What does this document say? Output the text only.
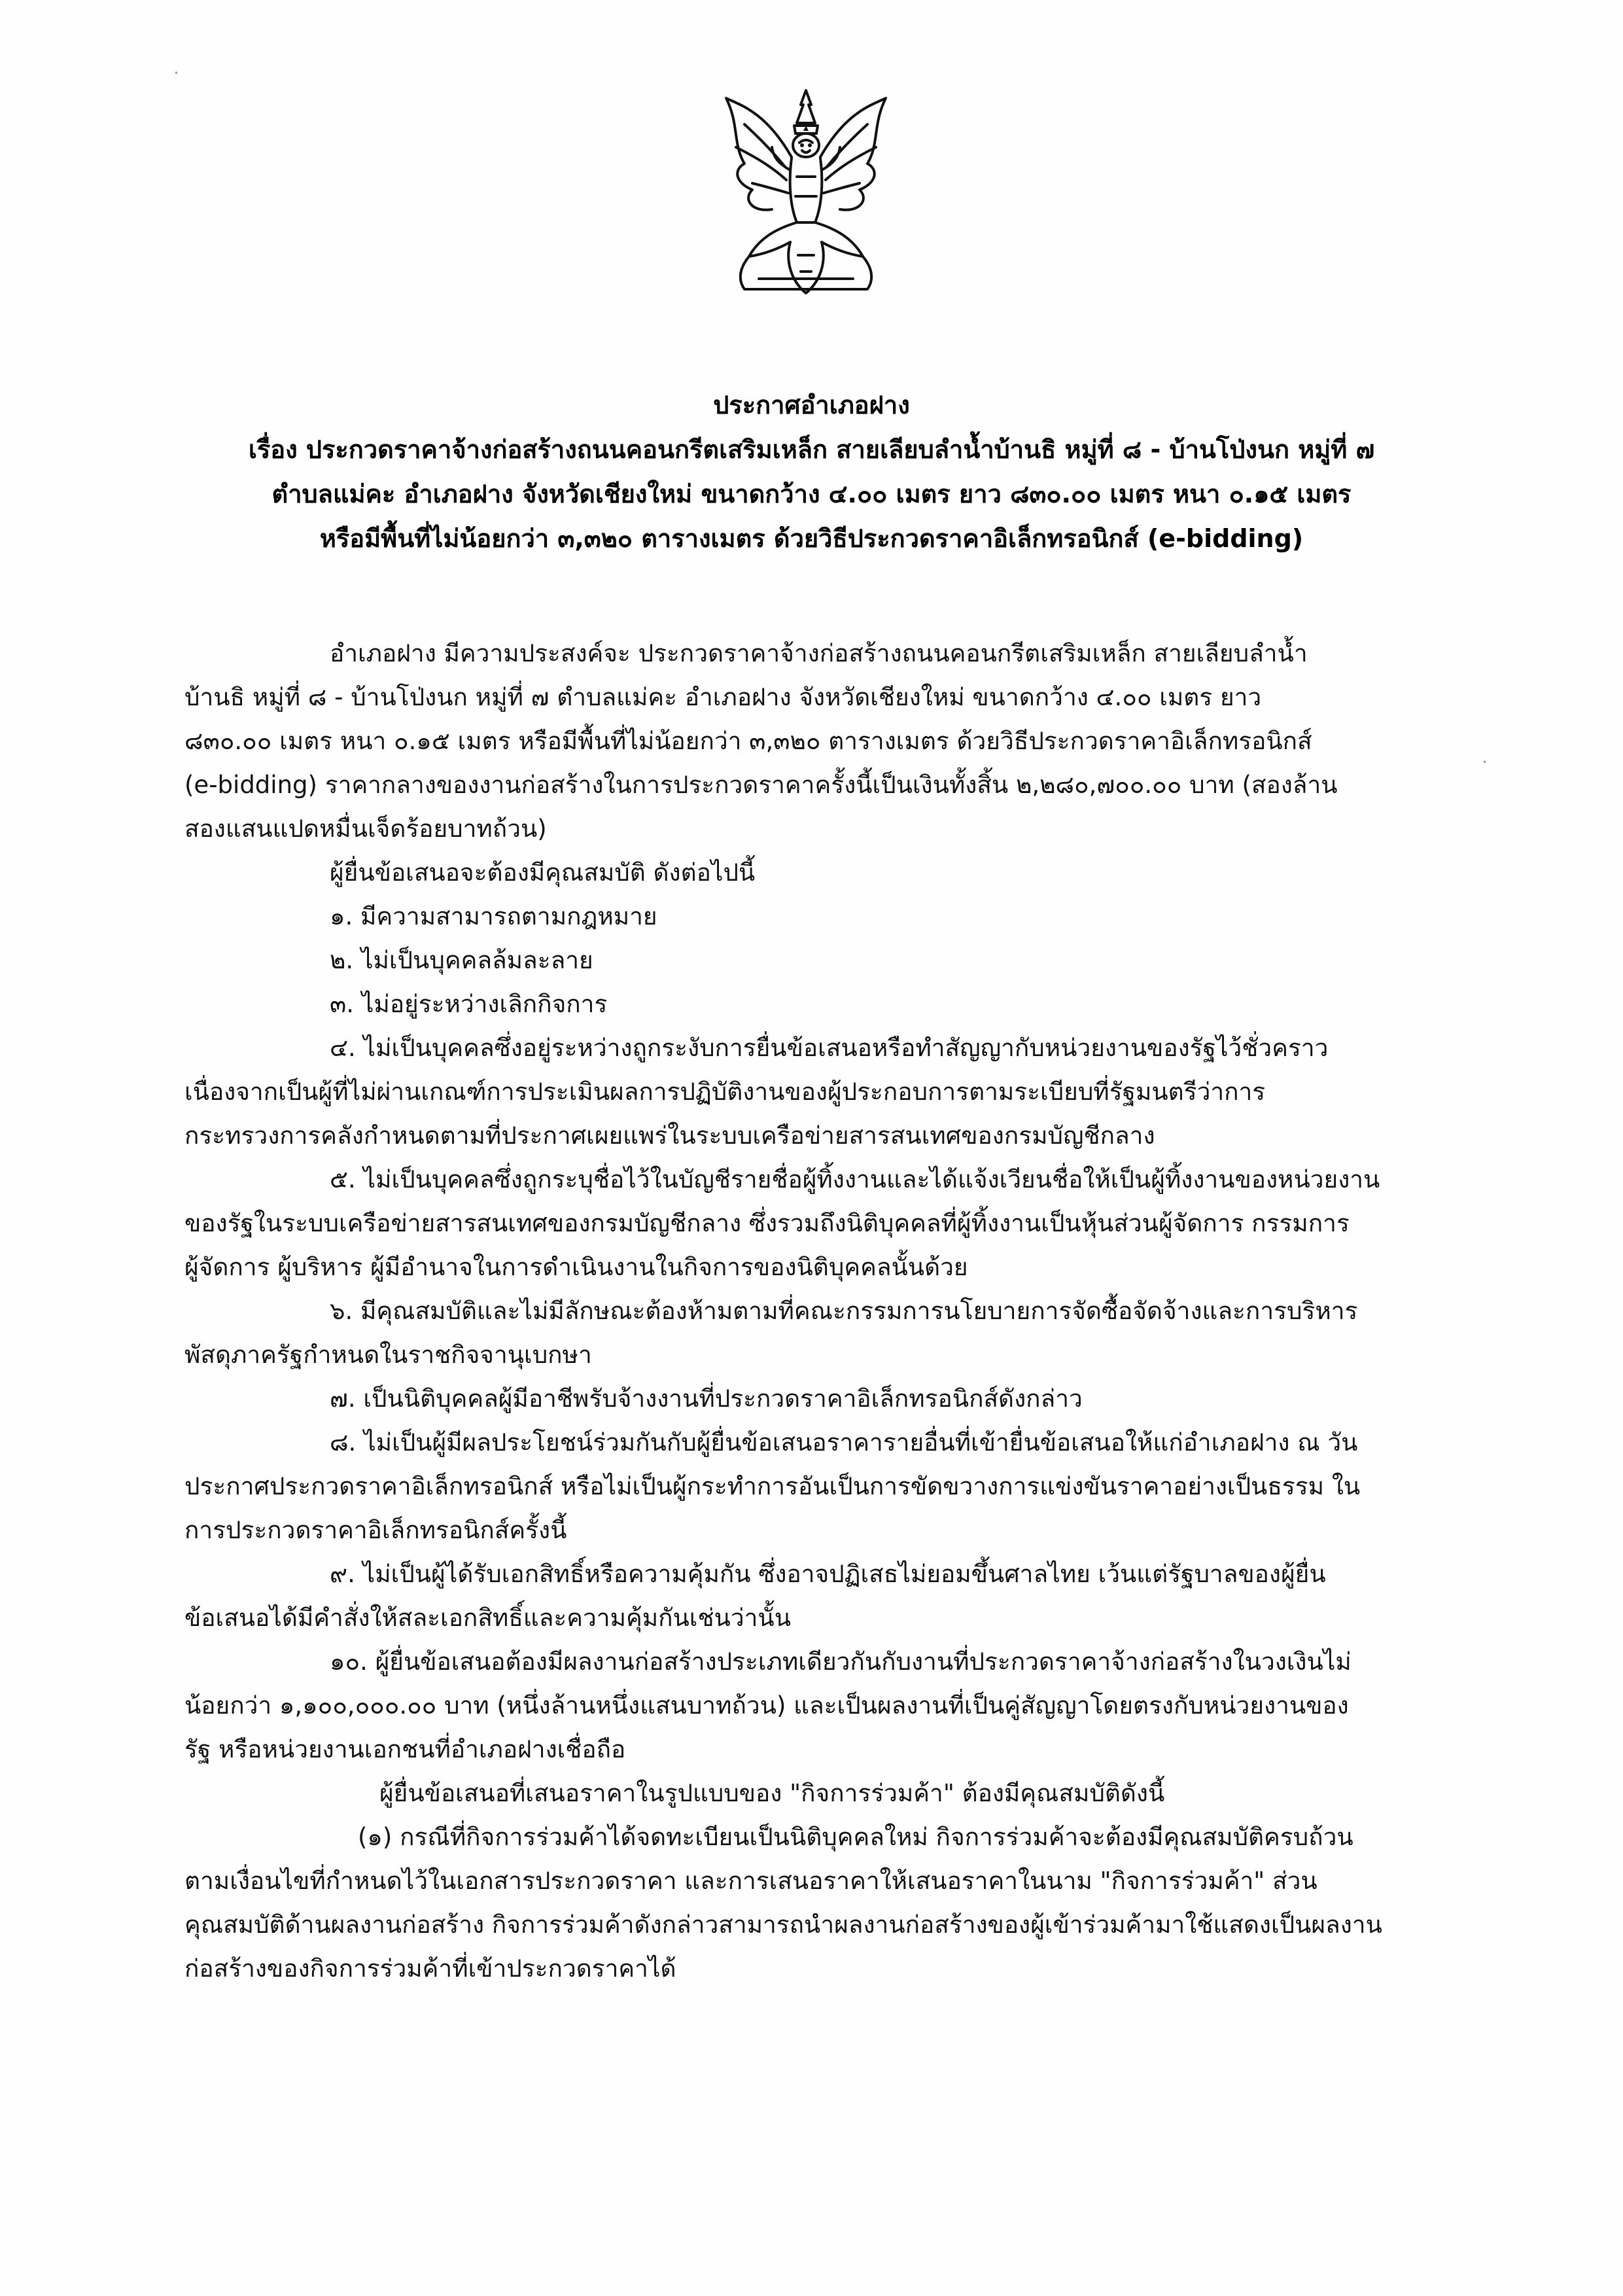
·
ประกาศอำเภอฝาง
เรื่อง ประกวดราคาจ้างก่อสร้างถนนคอนกรีตเสริมเหล็ก สายเลียบลำน้ำบ้านธิ หมู่ที่ ๘ - บ้านโป่งนก หมู่ที่ ๗
ตำบลแม่คะ อำเภอฝาง จังหวัดเชียงใหม่ ขนาดกว้าง ๔.๐๐ เมตร ยาว ๘๓๐.๐๐ เมตร หนา ๐.๑๕ เมตร
หรือมีพื้นที่ไม่น้อยกว่า ๓,๓๒๐ ตารางเมตร ด้วยวิธีประกวดราคาอิเล็กทรอนิกส์ (e-bidding)
อำเภอฝาง มีความประสงค์จะ ประกวดราคาจ้างก่อสร้างถนนคอนกรีตเสริมเหล็ก สายเลียบลำน้ำ
บ้านธิ หมู่ที่ ๘ - บ้านโป่งนก หมู่ที่ ๗ ตำบลแม่คะ อำเภอฝาง จังหวัดเชียงใหม่ ขนาดกว้าง ๔.๐๐ เมตร ยาว
๘๓๐.๐๐ เมตร หนา ๐.๑๕ เมตร หรือมีพื้นที่ไม่น้อยกว่า ๓,๓๒๐ ตารางเมตร ด้วยวิธีประกวดราคาอิเล็กทรอนิกส์
(e-bidding) ราคากลางของงานก่อสร้างในการประกวดราคาครั้งนี้เป็นเงินทั้งสิ้น ๒,๒๘๐,๗๐๐.๐๐ บาท (สองล้าน
สองแสนแปดหมื่นเจ็ดร้อยบาทถ้วน)
ผู้ยื่นข้อเสนอจะต้องมีคุณสมบัติ ดังต่อไปนี้
๑. มีความสามารถตามกฎหมาย
๒. ไม่เป็นบุคคลล้มละลาย
๓. ไม่อยู่ระหว่างเลิกกิจการ
๔. ไม่เป็นบุคคลซึ่งอยู่ระหว่างถูกระงับการยื่นข้อเสนอหรือทำสัญญากับหน่วยงานของรัฐไว้ชั่วคราว
เนื่องจากเป็นผู้ที่ไม่ผ่านเกณฑ์การประเมินผลการปฏิบัติงานของผู้ประกอบการตามระเบียบที่รัฐมนตรีว่าการ
กระทรวงการคลังกำหนดตามที่ประกาศเผยแพร่ในระบบเครือข่ายสารสนเทศของกรมบัญชีกลาง
๕. ไม่เป็นบุคคลซึ่งถูกระบุชื่อไว้ในบัญชีรายชื่อผู้ทิ้งงานและได้แจ้งเวียนชื่อให้เป็นผู้ทิ้งงานของหน่วยงาน
ของรัฐในระบบเครือข่ายสารสนเทศของกรมบัญชีกลาง ซึ่งรวมถึงนิติบุคคลที่ผู้ทิ้งงานเป็นหุ้นส่วนผู้จัดการ กรรมการ
ผู้จัดการ ผู้บริหาร ผู้มีอำนาจในการดำเนินงานในกิจการของนิติบุคคลนั้นด้วย
๖. มีคุณสมบัติและไม่มีลักษณะต้องห้ามตามที่คณะกรรมการนโยบายการจัดซื้อจัดจ้างและการบริหาร
พัสดุภาครัฐกำหนดในราชกิจจานุเบกษา
๗. เป็นนิติบุคคลผู้มีอาชีพรับจ้างงานที่ประกวดราคาอิเล็กทรอนิกส์ดังกล่าว
๘. ไม่เป็นผู้มีผลประโยชน์ร่วมกันกับผู้ยื่นข้อเสนอราคารายอื่นที่เข้ายื่นข้อเสนอให้แก่อำเภอฝาง ณ วัน
ประกาศประกวดราคาอิเล็กทรอนิกส์ หรือไม่เป็นผู้กระทำการอันเป็นการขัดขวางการแข่งขันราคาอย่างเป็นธรรม ใน
การประกวดราคาอิเล็กทรอนิกส์ครั้งนี้
๙. ไม่เป็นผู้ได้รับเอกสิทธิ์หรือความคุ้มกัน ซึ่งอาจปฏิเสธไม่ยอมขึ้นศาลไทย เว้นแต่รัฐบาลของผู้ยื่น
ข้อเสนอได้มีคำสั่งให้สละเอกสิทธิ์และความคุ้มกันเช่นว่านั้น
๑๐. ผู้ยื่นข้อเสนอต้องมีผลงานก่อสร้างประเภทเดียวกันกับงานที่ประกวดราคาจ้างก่อสร้างในวงเงินไม่
น้อยกว่า ๑,๑๐๐,๐๐๐.๐๐ บาท (หนึ่งล้านหนึ่งแสนบาทถ้วน) และเป็นผลงานที่เป็นคู่สัญญาโดยตรงกับหน่วยงานของ
รัฐ หรือหน่วยงานเอกชนที่อำเภอฝางเชื่อถือ
ผู้ยื่นข้อเสนอที่เสนอราคาในรูปแบบของ "กิจการร่วมค้า" ต้องมีคุณสมบัติดังนี้
(๑) กรณีที่กิจการร่วมค้าได้จดทะเบียนเป็นนิติบุคคลใหม่ กิจการร่วมค้าจะต้องมีคุณสมบัติครบถ้วน
ตามเงื่อนไขที่กำหนดไว้ในเอกสารประกวดราคา และการเสนอราคาให้เสนอราคาในนาม "กิจการร่วมค้า" ส่วน
คุณสมบัติด้านผลงานก่อสร้าง กิจการร่วมค้าดังกล่าวสามารถนำผลงานก่อสร้างของผู้เข้าร่วมค้ามาใช้แสดงเป็นผลงาน
ก่อสร้างของกิจการร่วมค้าที่เข้าประกวดราคาได้
·
